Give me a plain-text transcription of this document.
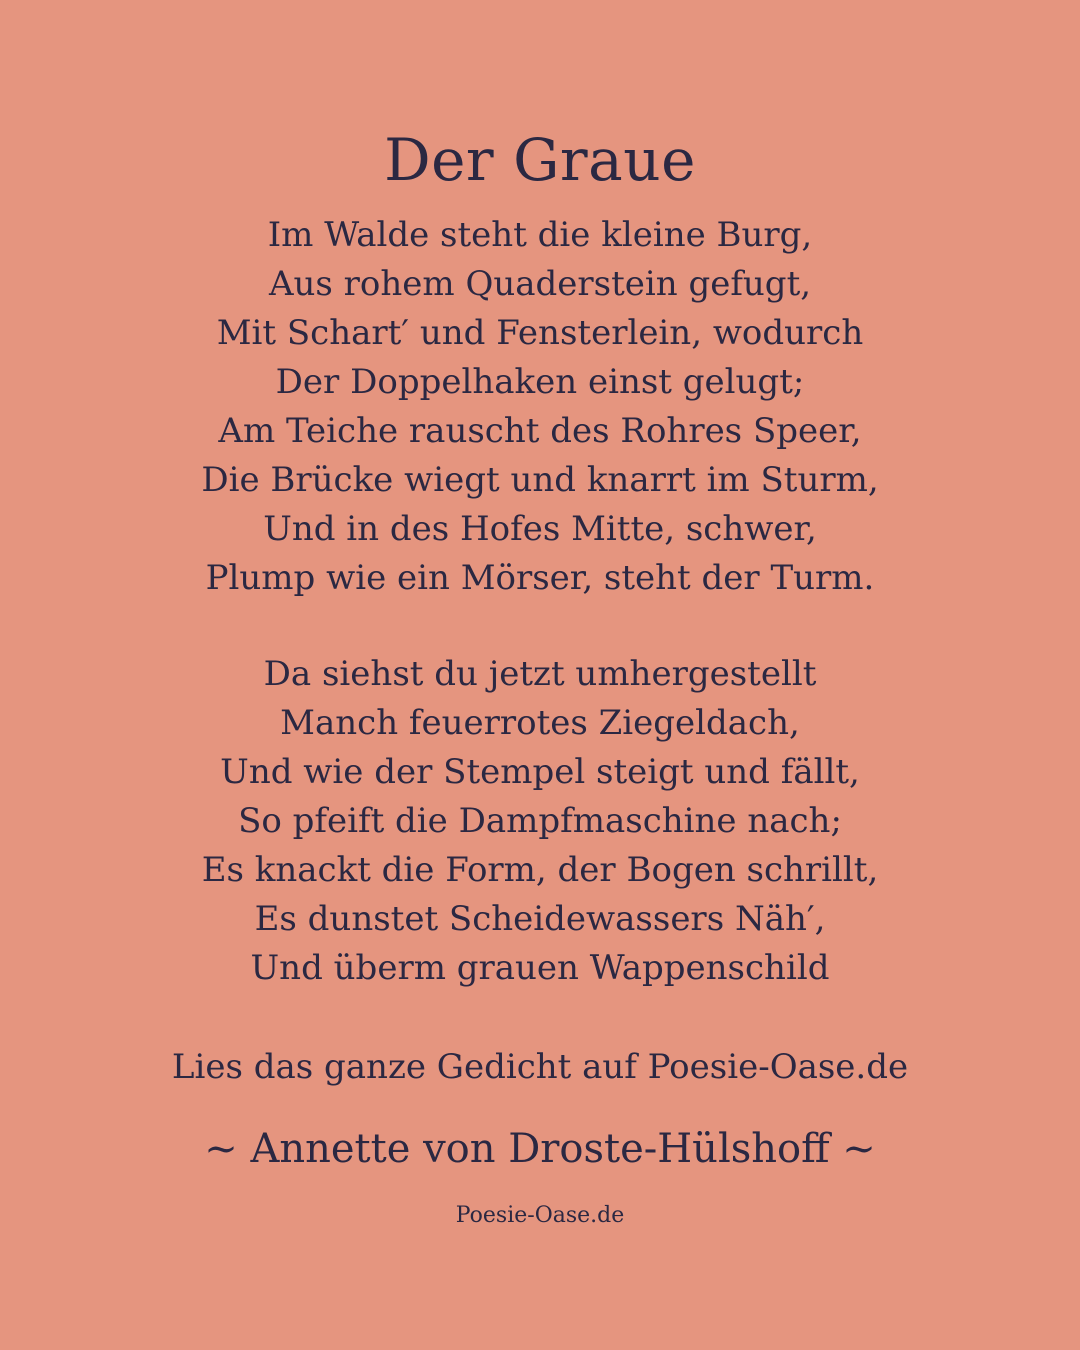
Der Graue
Im Walde steht die kleine Burg,
Aus rohem Quaderstein gefugt,
Mit Schart′ und Fensterlein, wodurch
Der Doppelhaken einst gelugt;
Am Teiche rauscht des Rohres Speer,
Die Brücke wiegt und knarrt im Sturm,
Und in des Hofes Mitte, schwer,
Plump wie ein Mörser, steht der Turm.
Da siehst du jetzt umhergestellt
Manch feuerrotes Ziegeldach,
Und wie der Stempel steigt und fällt,
So pfeift die Dampfmaschine nach;
Es knackt die Form, der Bogen schrillt,
Es dunstet Scheidewassers Näh′,
Und überm grauen Wappenschild
Lies das ganze Gedicht auf Poesie-Oase.de
~ Annette von Droste-Hülshoff ~
Poesie-Oase.de
